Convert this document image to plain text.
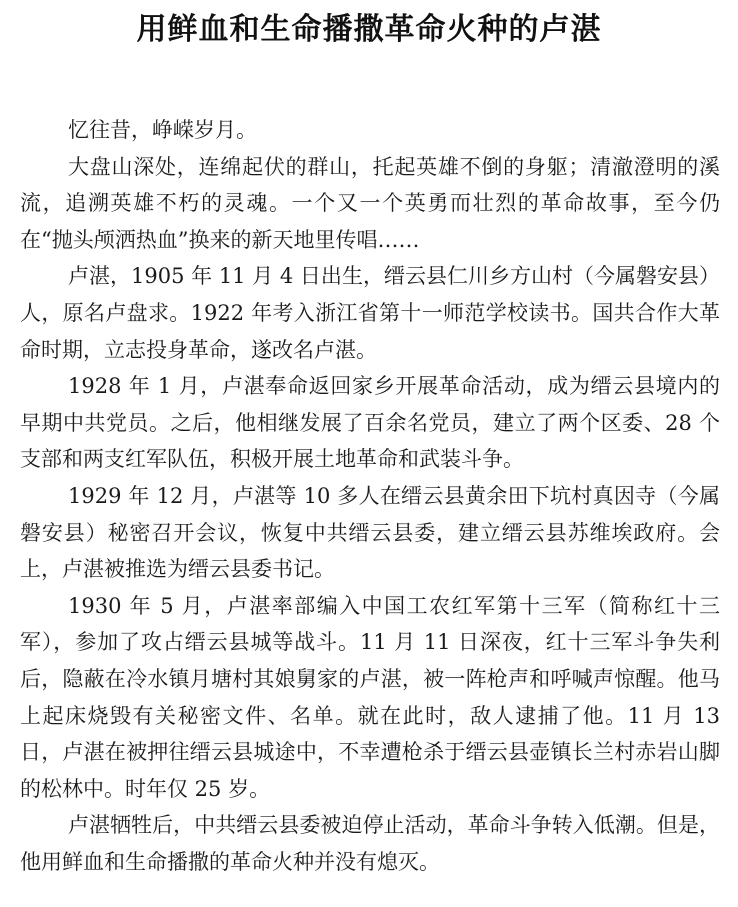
用鲜血和生命播撒革命火种的卢湛

忆往昔，峥嵘岁月。

大盘山深处，连绵起伏的群山，托起英雄不倒的身躯；清澈澄明的溪流，追溯英雄不朽的灵魂。一个又一个英勇而壮烈的革命故事，至今仍在“抛头颅洒热血”换来的新天地里传唱……

卢湛，1905 年 11 月 4 日出生，缙云县仁川乡方山村（今属磐安县）人，原名卢盘求。1922 年考入浙江省第十一师范学校读书。国共合作大革命时期，立志投身革命，遂改名卢湛。

1928 年 1 月，卢湛奉命返回家乡开展革命活动，成为缙云县境内的早期中共党员。之后，他相继发展了百余名党员，建立了两个区委、28 个支部和两支红军队伍，积极开展土地革命和武装斗争。

1929 年 12 月，卢湛等 10 多人在缙云县黄余田下坑村真因寺（今属磐安县）秘密召开会议，恢复中共缙云县委，建立缙云县苏维埃政府。会上，卢湛被推选为缙云县委书记。

1930 年 5 月，卢湛率部编入中国工农红军第十三军（简称红十三军），参加了攻占缙云县城等战斗。11 月 11 日深夜，红十三军斗争失利后，隐蔽在冷水镇月塘村其娘舅家的卢湛，被一阵枪声和呼喊声惊醒。他马上起床烧毁有关秘密文件、名单。就在此时，敌人逮捕了他。11 月 13 日，卢湛在被押往缙云县城途中，不幸遭枪杀于缙云县壶镇长兰村赤岩山脚的松林中。时年仅 25 岁。

卢湛牺牲后，中共缙云县委被迫停止活动，革命斗争转入低潮。但是，他用鲜血和生命播撒的革命火种并没有熄灭。
